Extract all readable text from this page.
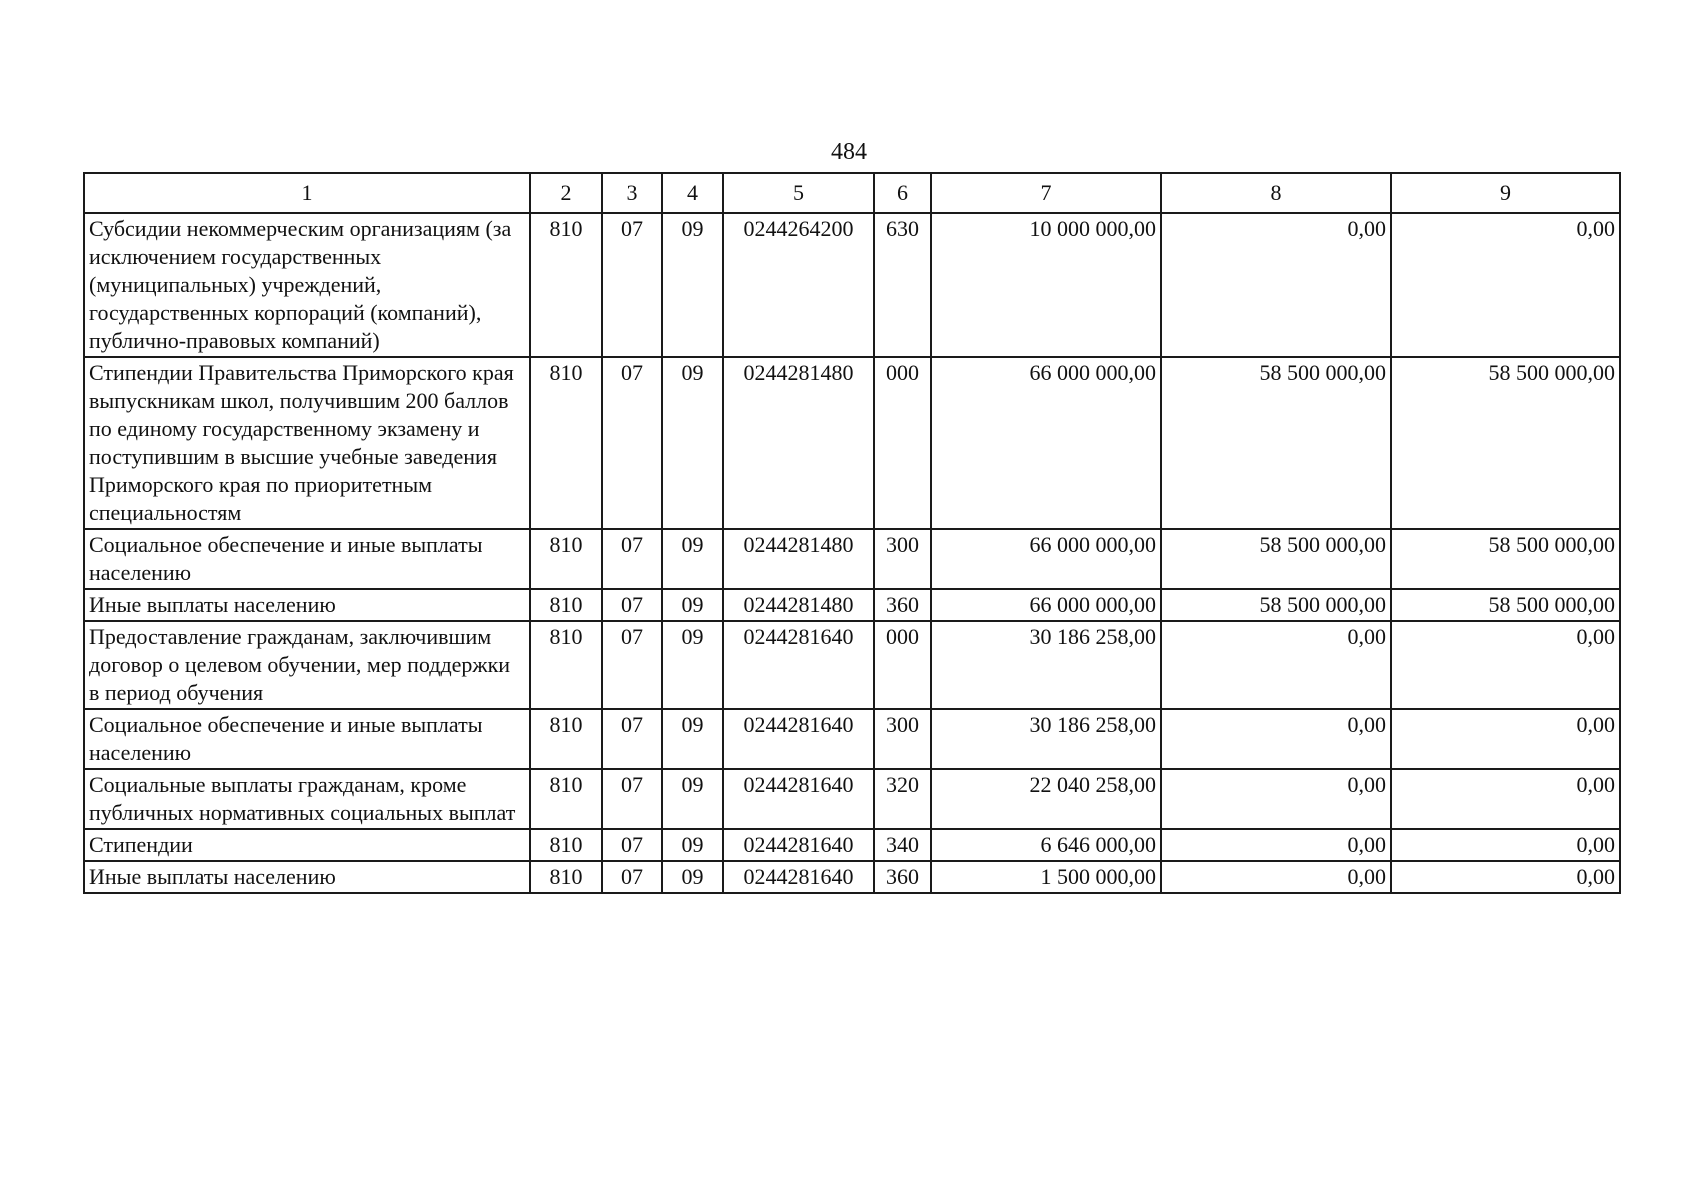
484
1	2	3	4	5	6	7	8	9
Субсидии некоммерческим организациям (за исключением государственных (муниципальных) учреждений, государственных корпораций (компаний), публично-правовых компаний)	810	07	09	0244264200	630	10 000 000,00	0,00	0,00
Стипендии Правительства Приморского края выпускникам школ, получившим 200 баллов по единому государственному экзамену и поступившим в высшие учебные заведения Приморского края по приоритетным специальностям	810	07	09	0244281480	000	66 000 000,00	58 500 000,00	58 500 000,00
Социальное обеспечение и иные выплаты населению	810	07	09	0244281480	300	66 000 000,00	58 500 000,00	58 500 000,00
Иные выплаты населению	810	07	09	0244281480	360	66 000 000,00	58 500 000,00	58 500 000,00
Предоставление гражданам, заключившим договор о целевом обучении, мер поддержки в период обучения	810	07	09	0244281640	000	30 186 258,00	0,00	0,00
Социальное обеспечение и иные выплаты населению	810	07	09	0244281640	300	30 186 258,00	0,00	0,00
Социальные выплаты гражданам, кроме публичных нормативных социальных выплат	810	07	09	0244281640	320	22 040 258,00	0,00	0,00
Стипендии	810	07	09	0244281640	340	6 646 000,00	0,00	0,00
Иные выплаты населению	810	07	09	0244281640	360	1 500 000,00	0,00	0,00
